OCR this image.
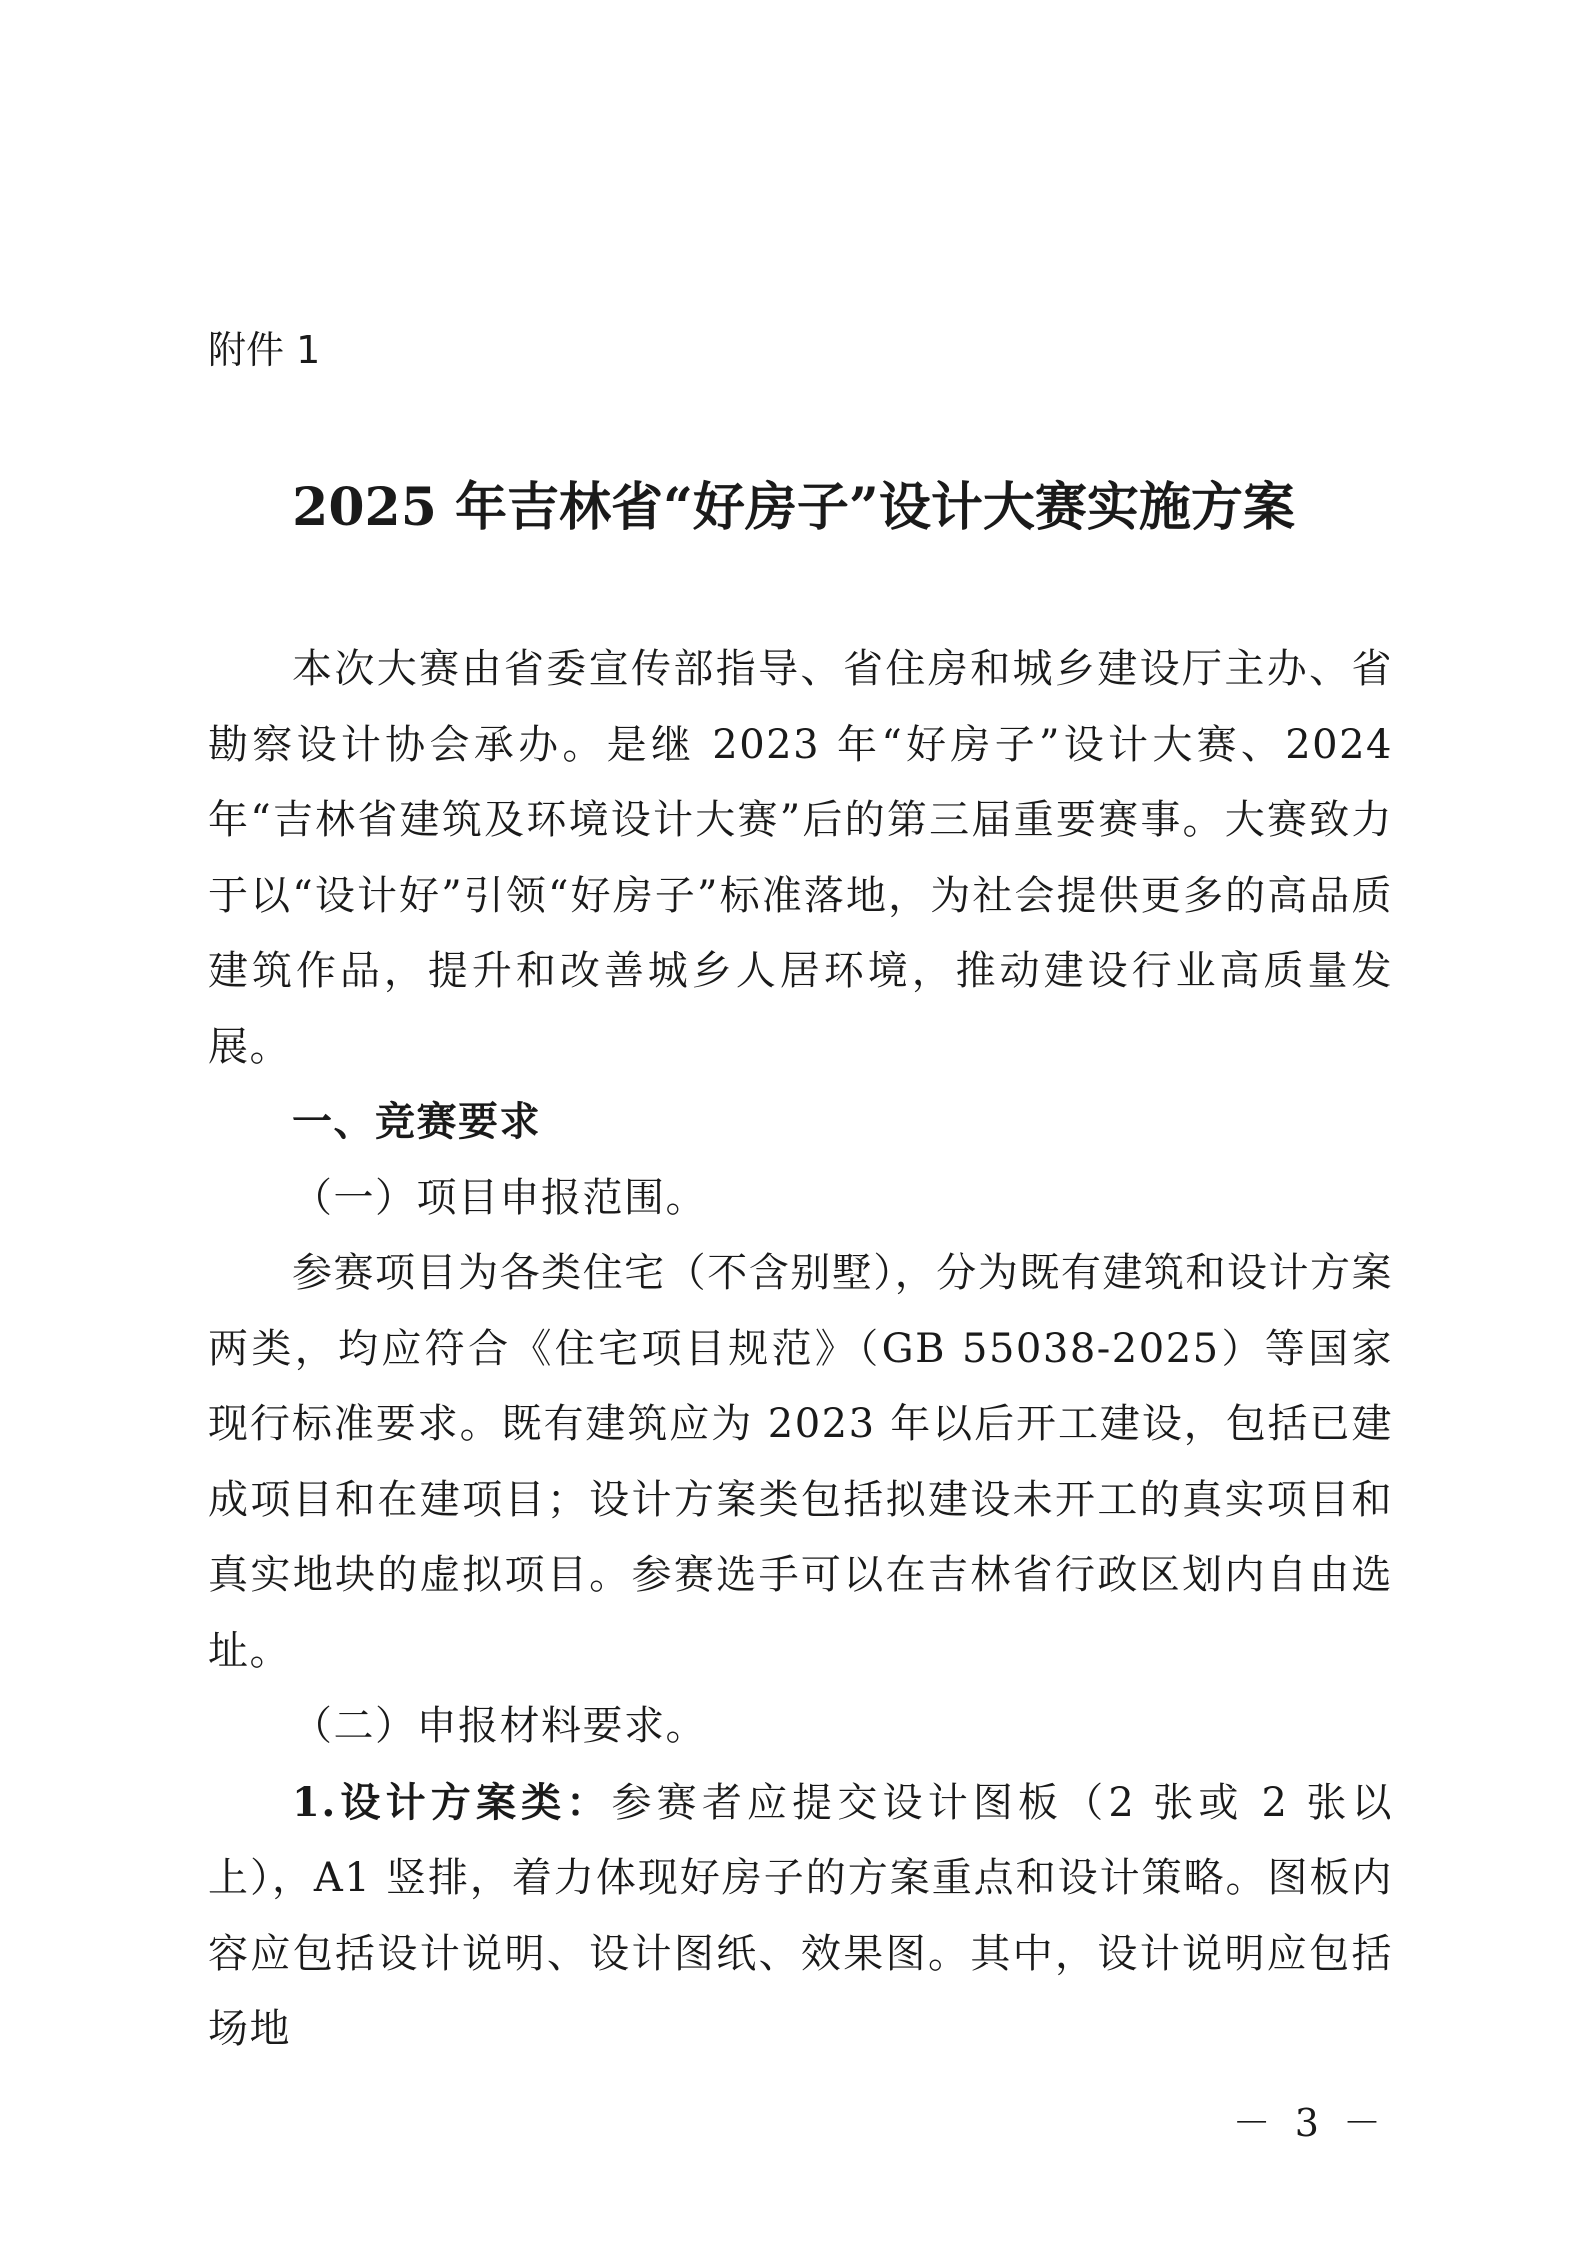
附件 1

2025 年吉林省“好房子”设计大赛实施方案

本次大赛由省委宣传部指导、省住房和城乡建设厅主办、省勘察设计协会承办。是继 2023 年“好房子”设计大赛、2024 年“吉林省建筑及环境设计大赛”后的第三届重要赛事。大赛致力于以“设计好”引领“好房子”标准落地，为社会提供更多的高品质建筑作品，提升和改善城乡人居环境，推动建设行业高质量发展。

一、竞赛要求

（一）项目申报范围。

参赛项目为各类住宅（不含别墅），分为既有建筑和设计方案两类，均应符合《住宅项目规范》（GB 55038-2025）等国家现行标准要求。既有建筑应为 2023 年以后开工建设，包括已建成项目和在建项目；设计方案类包括拟建设未开工的真实项目和真实地块的虚拟项目。参赛选手可以在吉林省行政区划内自由选址。

（二）申报材料要求。

1.设计方案类：参赛者应提交设计图板（2 张或 2 张以上），A1 竖排，着力体现好房子的方案重点和设计策略。图板内容应包括设计说明、设计图纸、效果图。其中，设计说明应包括场地

－ 3 －
